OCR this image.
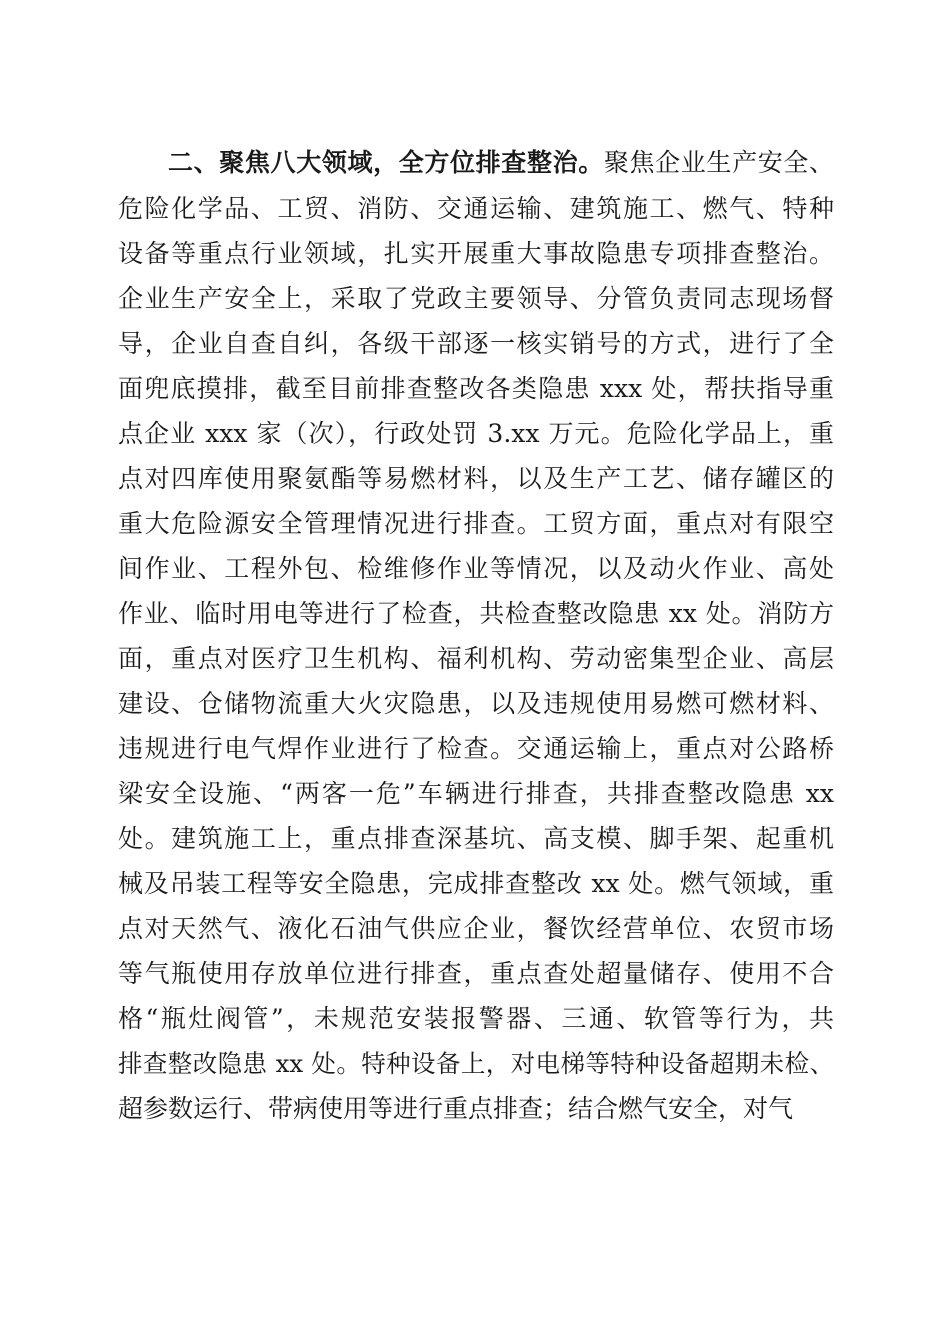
二、聚焦八大领域，全方位排查整治。聚焦企业生产安全、
危险化学品、工贸、消防、交通运输、建筑施工、燃气、特种
设备等重点行业领域，扎实开展重大事故隐患专项排查整治。
企业生产安全上，采取了党政主要领导、分管负责同志现场督
导，企业自查自纠，各级干部逐一核实销号的方式，进行了全
面兜底摸排，截至目前排查整改各类隐患 xxx 处，帮扶指导重
点企业 xxx 家（次），行政处罚 3.xx 万元。危险化学品上，重
点对四库使用聚氨酯等易燃材料，以及生产工艺、储存罐区的
重大危险源安全管理情况进行排查。工贸方面，重点对有限空
间作业、工程外包、检维修作业等情况，以及动火作业、高处
作业、临时用电等进行了检查，共检查整改隐患 xx 处。消防方
面，重点对医疗卫生机构、福利机构、劳动密集型企业、高层
建设、仓储物流重大火灾隐患，以及违规使用易燃可燃材料、
违规进行电气焊作业进行了检查。交通运输上，重点对公路桥
梁安全设施、“两客一危”车辆进行排查，共排查整改隐患 xx
处。建筑施工上，重点排查深基坑、高支模、脚手架、起重机
械及吊装工程等安全隐患，完成排查整改 xx 处。燃气领域，重
点对天然气、液化石油气供应企业，餐饮经营单位、农贸市场
等气瓶使用存放单位进行排查，重点查处超量储存、使用不合
格“瓶灶阀管”，未规范安装报警器、三通、软管等行为，共
排查整改隐患 xx 处。特种设备上，对电梯等特种设备超期未检、
超参数运行、带病使用等进行重点排查；结合燃气安全，对气
